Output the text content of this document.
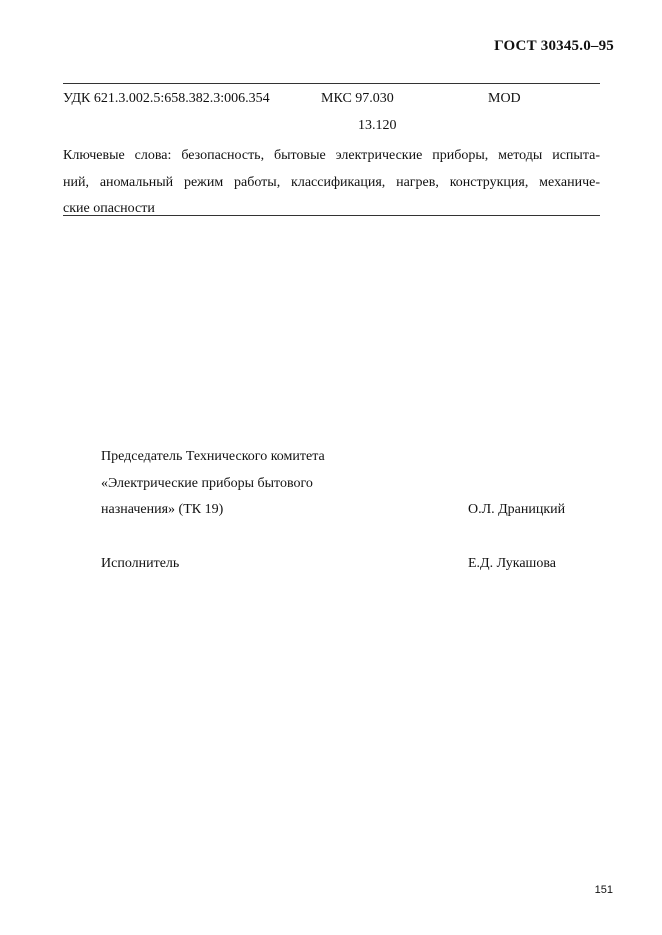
ГОСТ 30345.0–95
УДК 621.3.002.5:658.382.3:006.354	МКС 97.030	MOD
13.120
Ключевые слова: безопасность, бытовые электрические приборы, методы испыта-
ний, аномальный режим работы, классификация, нагрев, конструкция, механиче-
ские опасности
Председатель Технического комитета
«Электрические приборы бытового
назначения» (ТК 19)	О.Л. Драницкий
Исполнитель	Е.Д. Лукашова
151
